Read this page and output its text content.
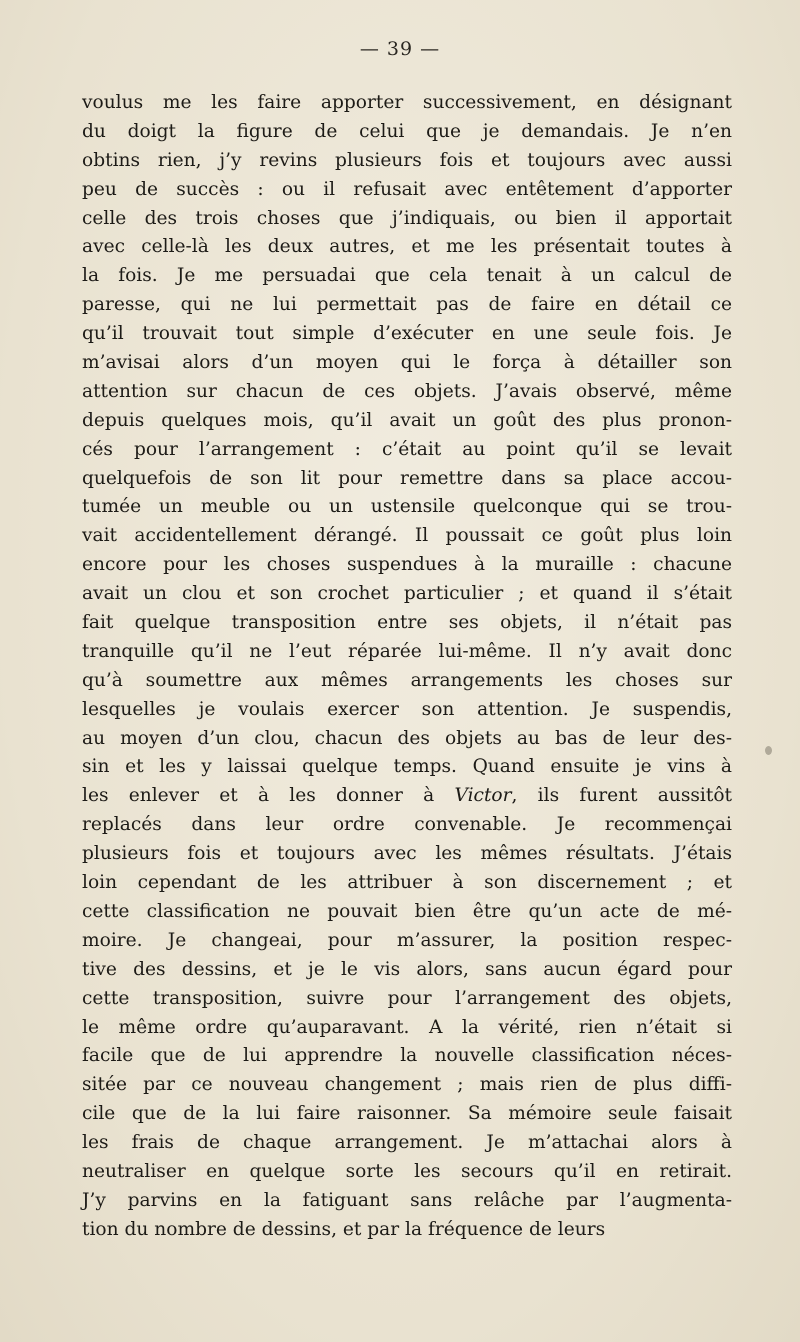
— 39 —
voulus me les faire apporter successivement, en désignant
du doigt la figure de celui que je demandais. Je n’en
obtins rien, j’y revins plusieurs fois et toujours avec aussi
peu de succès : ou il refusait avec entêtement d’apporter
celle des trois choses que j’indiquais, ou bien il apportait
avec celle-là les deux autres, et me les présentait toutes à
la fois. Je me persuadai que cela tenait à un calcul de
paresse, qui ne lui permettait pas de faire en détail ce
qu’il trouvait tout simple d’exécuter en une seule fois. Je
m’avisai alors d’un moyen qui le força à détailler son
attention sur chacun de ces objets. J’avais observé, même
depuis quelques mois, qu’il avait un goût des plus pronon-
cés pour l’arrangement : c’était au point qu’il se levait
quelquefois de son lit pour remettre dans sa place accou-
tumée un meuble ou un ustensile quelconque qui se trou-
vait accidentellement dérangé. Il poussait ce goût plus loin
encore pour les choses suspendues à la muraille : chacune
avait un clou et son crochet particulier ; et quand il s’était
fait quelque transposition entre ses objets, il n’était pas
tranquille qu’il ne l’eut réparée lui-même. Il n’y avait donc
qu’à soumettre aux mêmes arrangements les choses sur
lesquelles je voulais exercer son attention. Je suspendis,
au moyen d’un clou, chacun des objets au bas de leur des-
sin et les y laissai quelque temps. Quand ensuite je vins à
les enlever et à les donner à Victor, ils furent aussitôt
replacés dans leur ordre convenable. Je recommençai
plusieurs fois et toujours avec les mêmes résultats. J’étais
loin cependant de les attribuer à son discernement ; et
cette classification ne pouvait bien être qu’un acte de mé-
moire. Je changeai, pour m’assurer, la position respec-
tive des dessins, et je le vis alors, sans aucun égard pour
cette transposition, suivre pour l’arrangement des objets,
le même ordre qu’auparavant. A la vérité, rien n’était si
facile que de lui apprendre la nouvelle classification néces-
sitée par ce nouveau changement ; mais rien de plus diffi-
cile que de la lui faire raisonner. Sa mémoire seule faisait
les frais de chaque arrangement. Je m’attachai alors à
neutraliser en quelque sorte les secours qu’il en retirait.
J’y parvins en la fatiguant sans relâche par l’augmenta-
tion du nombre de dessins, et par la fréquence de leurs
